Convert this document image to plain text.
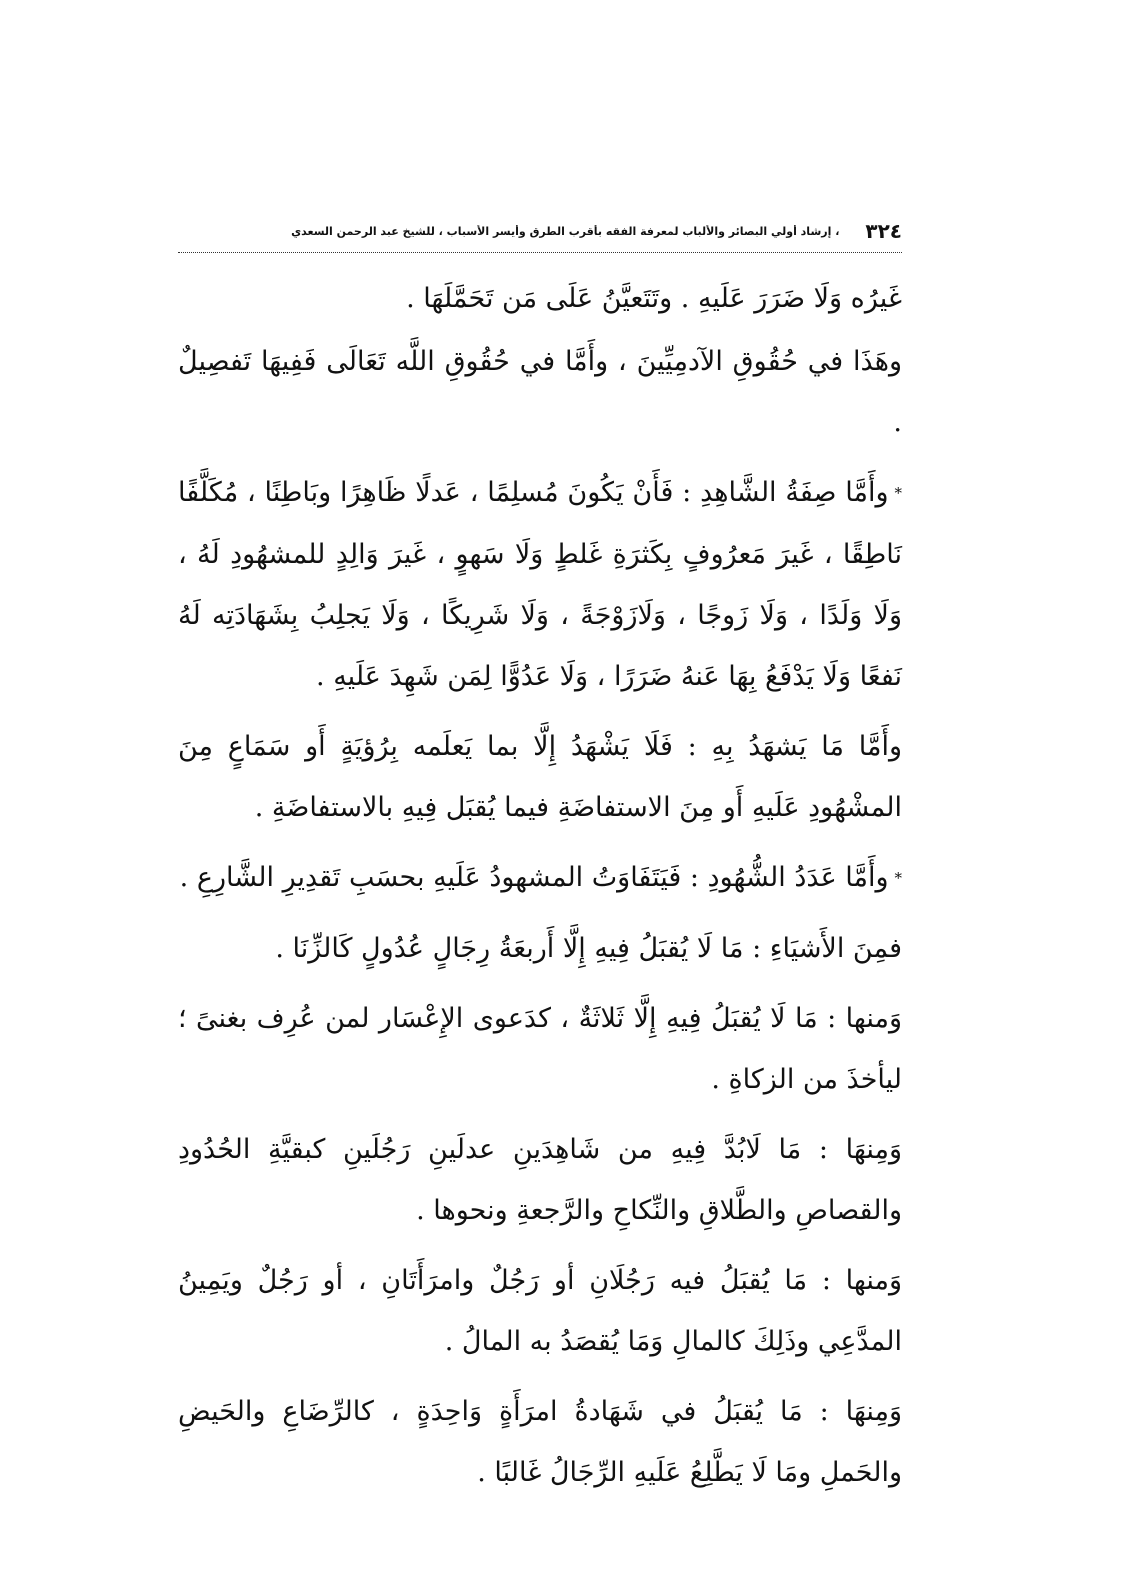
٣٢٤
، إرشاد أولي البصائر والألباب لمعرفة الفقه بأقرب الطرق وأيسر الأسباب ، للشيخ عبد الرحمن السعدي

غَيرُه وَلَا ضَرَرَ عَلَيهِ . وتَتَعيَّنُ عَلَى مَن تَحَمَّلَهَا .

وهَذَا في حُقُوقِ الآدمِيِّينَ ، وأَمَّا في حُقُوقِ اللَّه تَعَالَى فَفِيهَا تَفصِيلٌ .

*وأَمَّا صِفَةُ الشَّاهِدِ : فَأَنْ يَكُونَ مُسلِمًا ، عَدلًا ظَاهِرًا وبَاطِنًا ، مُكَلَّفًا نَاطِقًا ، غَيرَ مَعرُوفٍ بِكَثرَةِ غَلطٍ وَلَا سَهوٍ ، غَيرَ وَالِدٍ للمشهُودِ لَهُ ، وَلَا وَلَدًا ، وَلَا زَوجًا ، وَلَازَوْجَةً ، وَلَا شَرِيكًا ، وَلَا يَجلِبُ بِشَهَادَتِه لَهُ نَفعًا وَلَا يَدْفَعُ بِهَا عَنهُ ضَرَرًا ، وَلَا عَدُوًّا لِمَن شَهِدَ عَلَيهِ .

وأَمَّا مَا يَشهَدُ بِهِ : فَلَا يَشْهَدُ إِلَّا بما يَعلَمه بِرُؤيَةٍ أَو سَمَاعٍ مِنَ المشْهُودِ عَلَيهِ أَو مِنَ الاستفاضَةِ فيما يُقبَل فِيهِ بالاستفاضَةِ .

*وأَمَّا عَدَدُ الشُّهُودِ : فَيَتَفَاوَتُ المشهودُ عَلَيهِ بحسَبِ تَقدِيرِ الشَّارِعِ .

فمِنَ الأَشيَاءِ : مَا لَا يُقبَلُ فِيهِ إِلَّا أَربعَةُ رِجَالٍ عُدُولٍ كَالزِّنَا .

وَمنها : مَا لَا يُقبَلُ فِيهِ إِلَّا ثَلاثَةٌ ، كدَعوى الإِعْسَار لمن عُرِف بغنىً ؛ ليأخذَ من الزكاةِ .

وَمِنهَا : مَا لَابُدَّ فِيهِ من شَاهِدَينِ عدلَينِ رَجُلَينِ كبقيَّةِ الحُدُودِ والقصاصِ والطَّلاقِ والنِّكاحِ والرَّجعةِ ونحوها .

وَمنها : مَا يُقبَلُ فيه رَجُلَانِ أو رَجُلٌ وامرَأَتَانِ ، أو رَجُلٌ ويَمِينُ المدَّعِي وذَلِكَ كالمالِ وَمَا يُقصَدُ به المالُ .

وَمِنهَا : مَا يُقبَلُ في شَهَادةُ امرَأَةٍ وَاحِدَةٍ ، كالرِّضَاعِ والحَيضِ والحَملِ ومَا لَا يَطَّلِعُ عَلَيهِ الرِّجَالُ غَالبًا .
